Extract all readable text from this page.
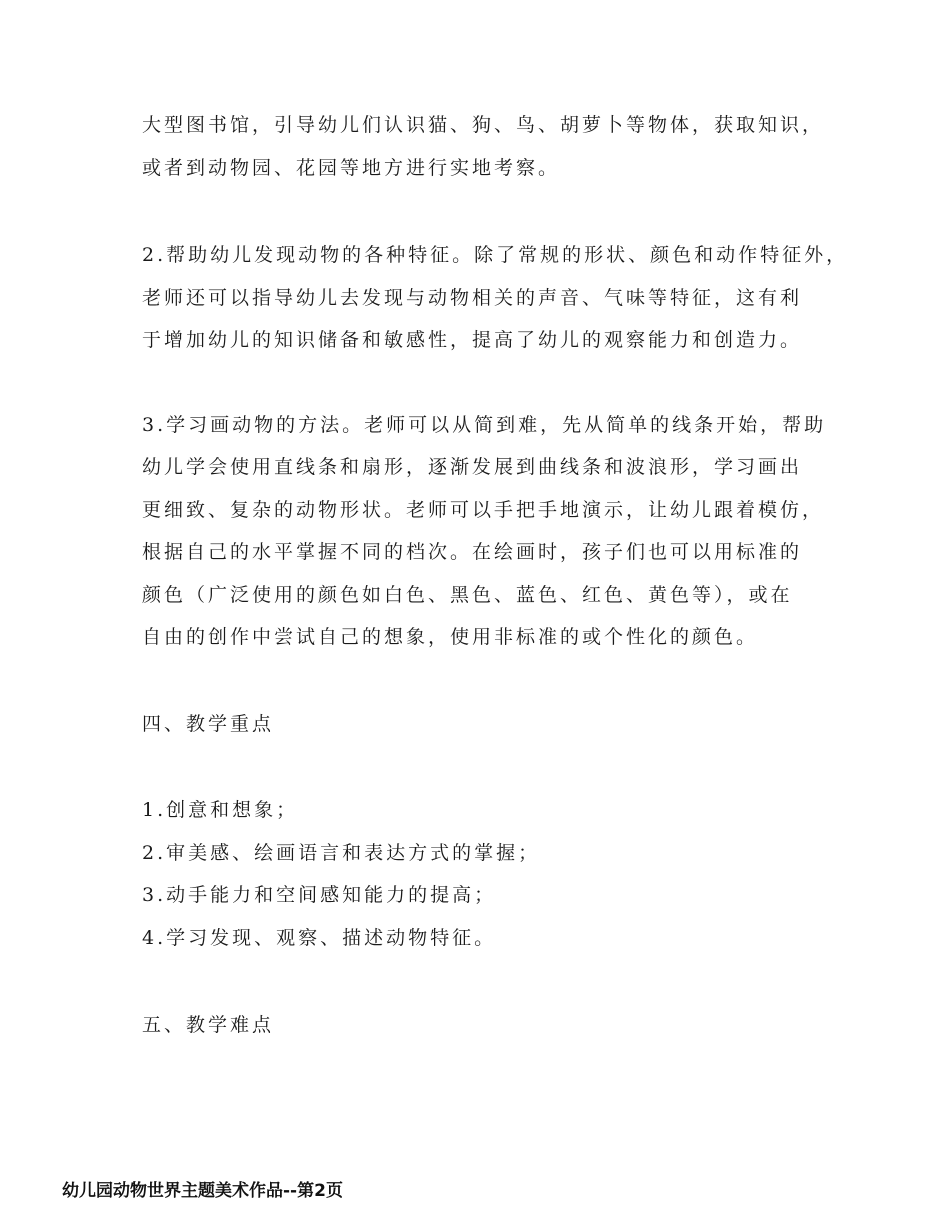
大型图书馆，引导幼儿们认识猫、狗、鸟、胡萝卜等物体，获取知识，
或者到动物园、花园等地方进行实地考察。
2.帮助幼儿发现动物的各种特征。除了常规的形状、颜色和动作特征外，
老师还可以指导幼儿去发现与动物相关的声音、气味等特征，这有利
于增加幼儿的知识储备和敏感性，提高了幼儿的观察能力和创造力。
3.学习画动物的方法。老师可以从简到难，先从简单的线条开始，帮助
幼儿学会使用直线条和扇形，逐渐发展到曲线条和波浪形，学习画出
更细致、复杂的动物形状。老师可以手把手地演示，让幼儿跟着模仿，
根据自己的水平掌握不同的档次。在绘画时，孩子们也可以用标准的
颜色（广泛使用的颜色如白色、黑色、蓝色、红色、黄色等），或在
自由的创作中尝试自己的想象，使用非标准的或个性化的颜色。
四、教学重点
1.创意和想象；
2.审美感、绘画语言和表达方式的掌握；
3.动手能力和空间感知能力的提高；
4.学习发现、观察、描述动物特征。
五、教学难点
幼儿园动物世界主题美术作品--第2页
